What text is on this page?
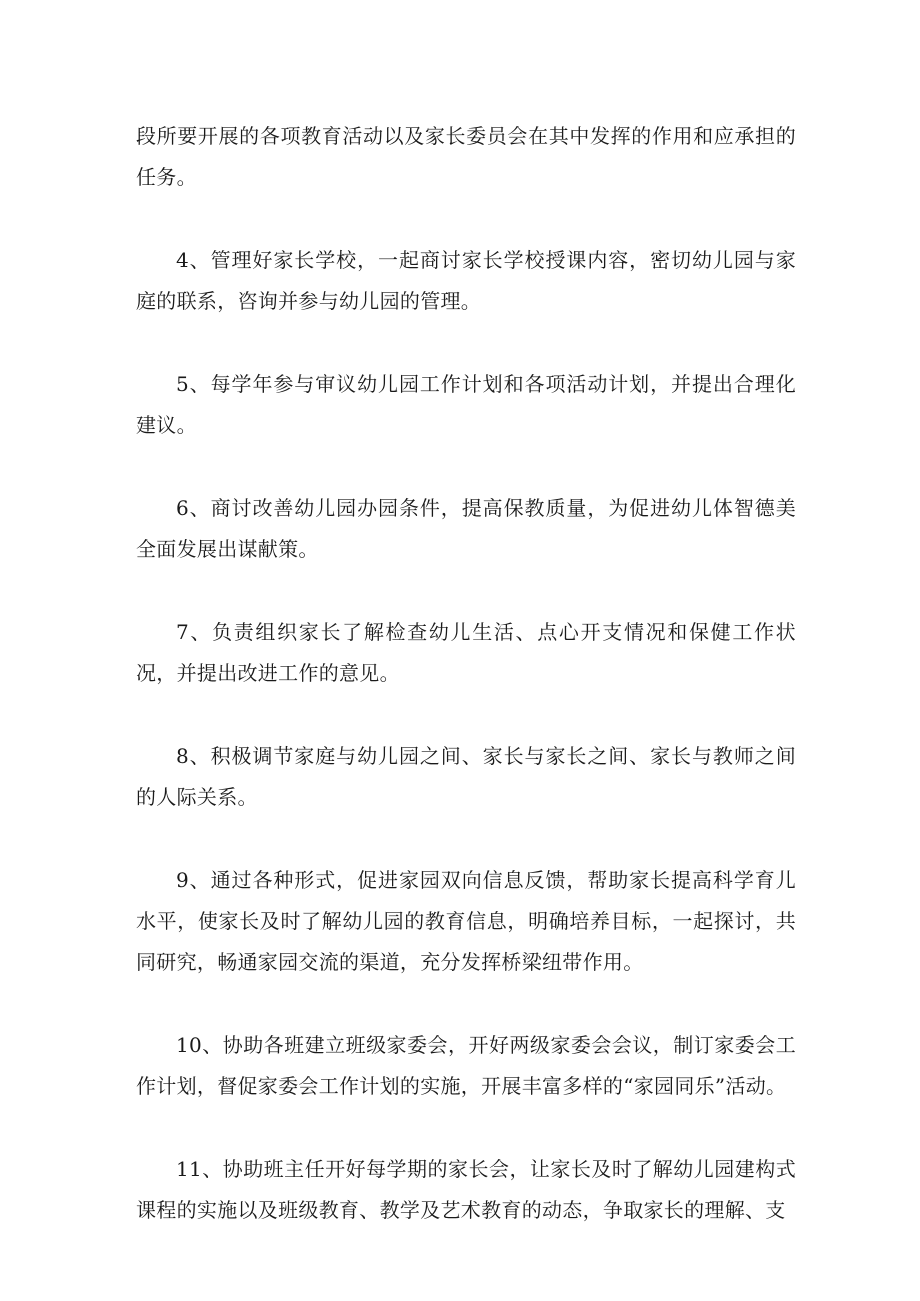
段所要开展的各项教育活动以及家长委员会在其中发挥的作用和应承担的任务。

4、管理好家长学校，一起商讨家长学校授课内容，密切幼儿园与家庭的联系，咨询并参与幼儿园的管理。

5、每学年参与审议幼儿园工作计划和各项活动计划，并提出合理化建议。

6、商讨改善幼儿园办园条件，提高保教质量，为促进幼儿体智德美全面发展出谋献策。

7、负责组织家长了解检查幼儿生活、点心开支情况和保健工作状况，并提出改进工作的意见。

8、积极调节家庭与幼儿园之间、家长与家长之间、家长与教师之间的人际关系。

9、通过各种形式，促进家园双向信息反馈，帮助家长提高科学育儿水平，使家长及时了解幼儿园的教育信息，明确培养目标，一起探讨，共同研究，畅通家园交流的渠道，充分发挥桥梁纽带作用。

10、协助各班建立班级家委会，开好两级家委会会议，制订家委会工作计划，督促家委会工作计划的实施，开展丰富多样的“家园同乐”活动。

11、协助班主任开好每学期的家长会，让家长及时了解幼儿园建构式课程的实施以及班级教育、教学及艺术教育的动态，争取家长的理解、支
